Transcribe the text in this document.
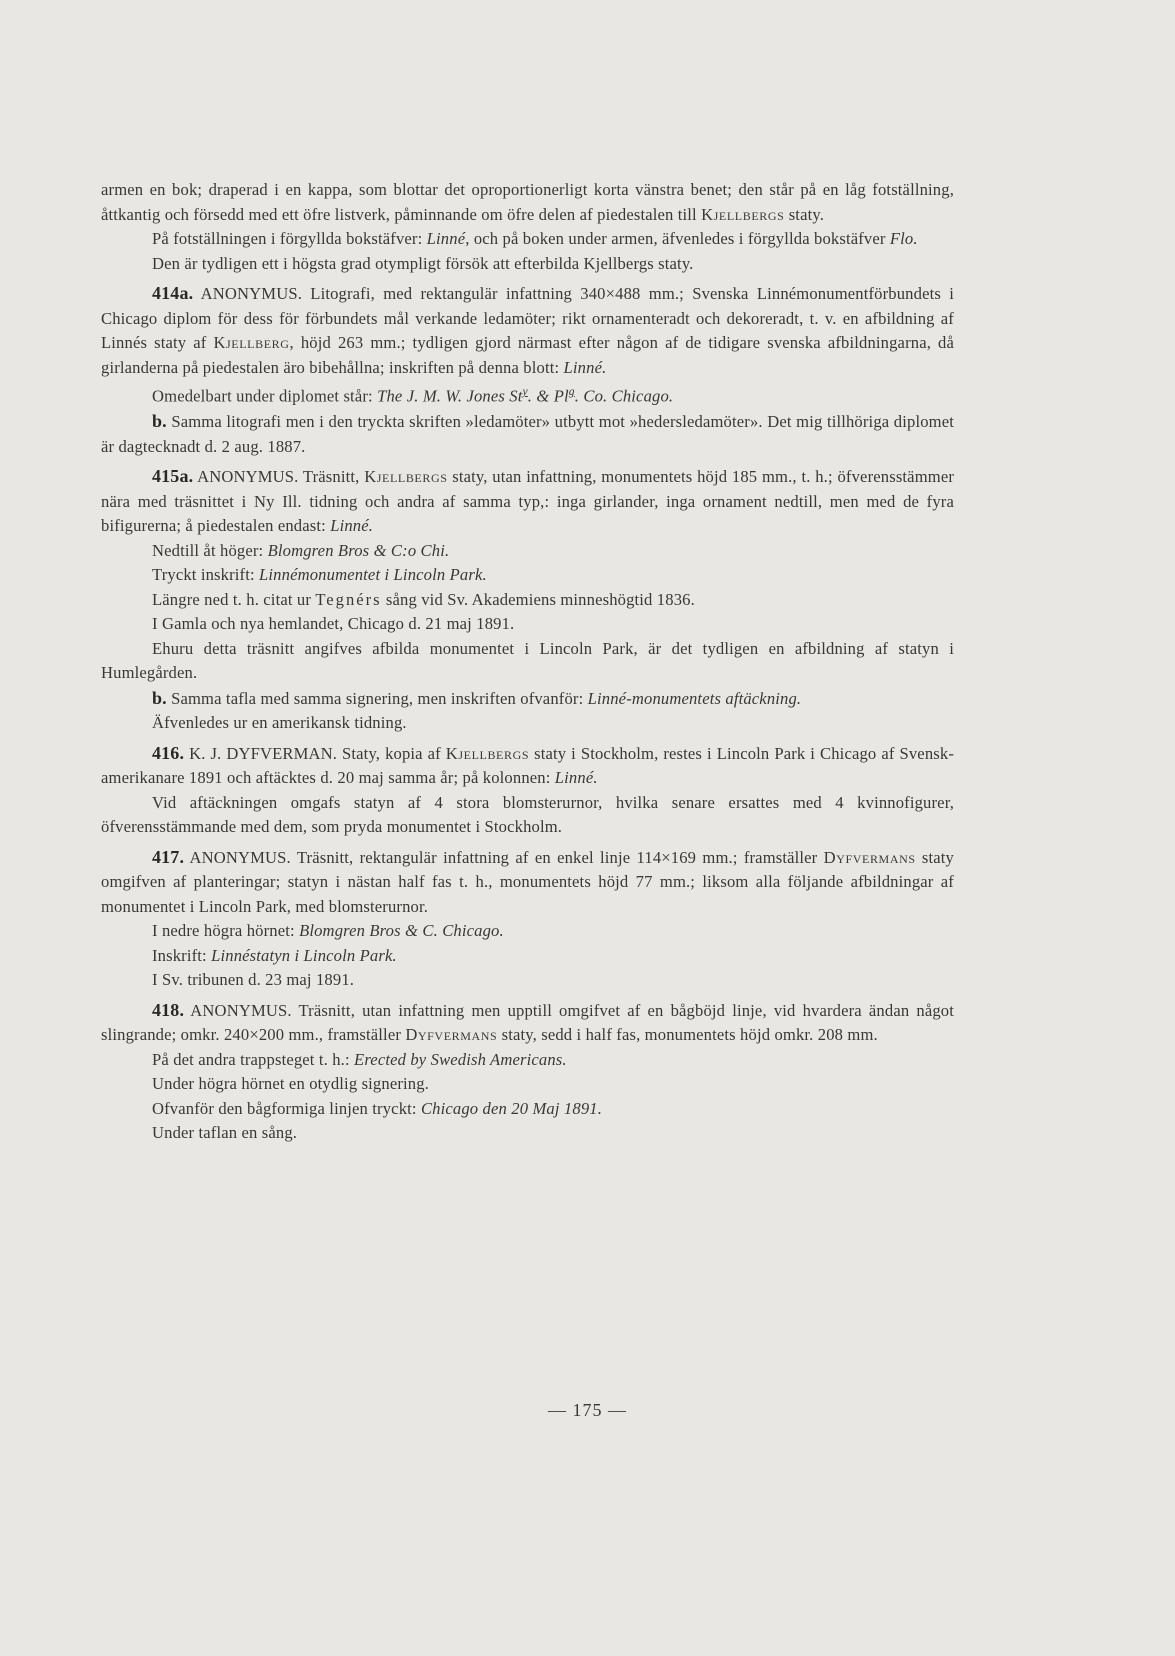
armen en bok; draperad i en kappa, som blottar det oproportionerligt korta vänstra benet; den står på en låg fotställning, åttkantig och försedd med ett öfre listverk, påminnande om öfre delen af piedestalen till Kjellbergs staty.

På fotställningen i förgyllda bokstäfver: Linné, och på boken under armen, äfvenledes i förgyllda bokstäfver Flo.

Den är tydligen ett i högsta grad otympligt försök att efterbilda Kjellbergs staty.

414a. ANONYMUS. Litografi, med rektangulär infattning 340×488 mm.; Svenska Linnémonumentförbundets i Chicago diplom för dess för förbundets mål verkande ledamöter; rikt ornamenteradt och dekoreradt, t. v. en afbildning af Linnés staty af Kjellberg, höjd 263 mm.; tydligen gjord närmast efter någon af de tidigare svenska afbildningarna, då girlanderna på piedestalen äro bibehållna; inskriften på denna blott: Linné.

Omedelbart under diplomet står: The J. M. W. Jones St$^y$. & Pl$^g$. Co. Chicago.

b. Samma litografi men i den tryckta skriften »ledamöter» utbytt mot »hedersledamöter». Det mig tillhöriga diplomet är dagtecknadt d. 2 aug. 1887.

415a. ANONYMUS. Träsnitt, Kjellbergs staty, utan infattning, monumentets höjd 185 mm., t. h.; öfverensstämmer nära med träsnittet i Ny Ill. tidning och andra af samma typ,: inga girlander, inga ornament nedtill, men med de fyra bifigurerna; å piedestalen endast: Linné.

Nedtill åt höger: Blomgren Bros & C:o Chi.

Tryckt inskrift: Linnémonumentet i Lincoln Park.

Längre ned t. h. citat ur Tegnérs sång vid Sv. Akademiens minneshögtid 1836.

I Gamla och nya hemlandet, Chicago d. 21 maj 1891.

Ehuru detta träsnitt angifves afbilda monumentet i Lincoln Park, är det tydligen en afbildning af statyn i Humlegården.

b. Samma tafla med samma signering, men inskriften ofvanför: Linné-monumentets aftäckning.

Äfvenledes ur en amerikansk tidning.

416. K. J. DYFVERMAN. Staty, kopia af Kjellbergs staty i Stockholm, restes i Lincoln Park i Chicago af Svensk-amerikanare 1891 och aftäcktes d. 20 maj samma år; på kolonnen: Linné.

Vid aftäckningen omgafs statyn af 4 stora blomsterurnor, hvilka senare ersattes med 4 kvinnofigurer, öfverensstämmande med dem, som pryda monumentet i Stockholm.

417. ANONYMUS. Träsnitt, rektangulär infattning af en enkel linje 114×169 mm.; framställer Dyfvermans staty omgifven af planteringar; statyn i nästan half fas t. h., monumentets höjd 77 mm.; liksom alla följande afbildningar af monumentet i Lincoln Park, med blomsterurnor.

I nedre högra hörnet: Blomgren Bros & C. Chicago.

Inskrift: Linnéstatyn i Lincoln Park.

I Sv. tribunen d. 23 maj 1891.

418. ANONYMUS. Träsnitt, utan infattning men upptill omgifvet af en bågböjd linje, vid hvardera ändan något slingrande; omkr. 240×200 mm., framställer Dyfvermans staty, sedd i half fas, monumentets höjd omkr. 208 mm.

På det andra trappsteget t. h.: Erected by Swedish Americans.

Under högra hörnet en otydlig signering.

Ofvanför den bågformiga linjen tryckt: Chicago den 20 Maj 1891.

Under taflan en sång.

— 175 —
